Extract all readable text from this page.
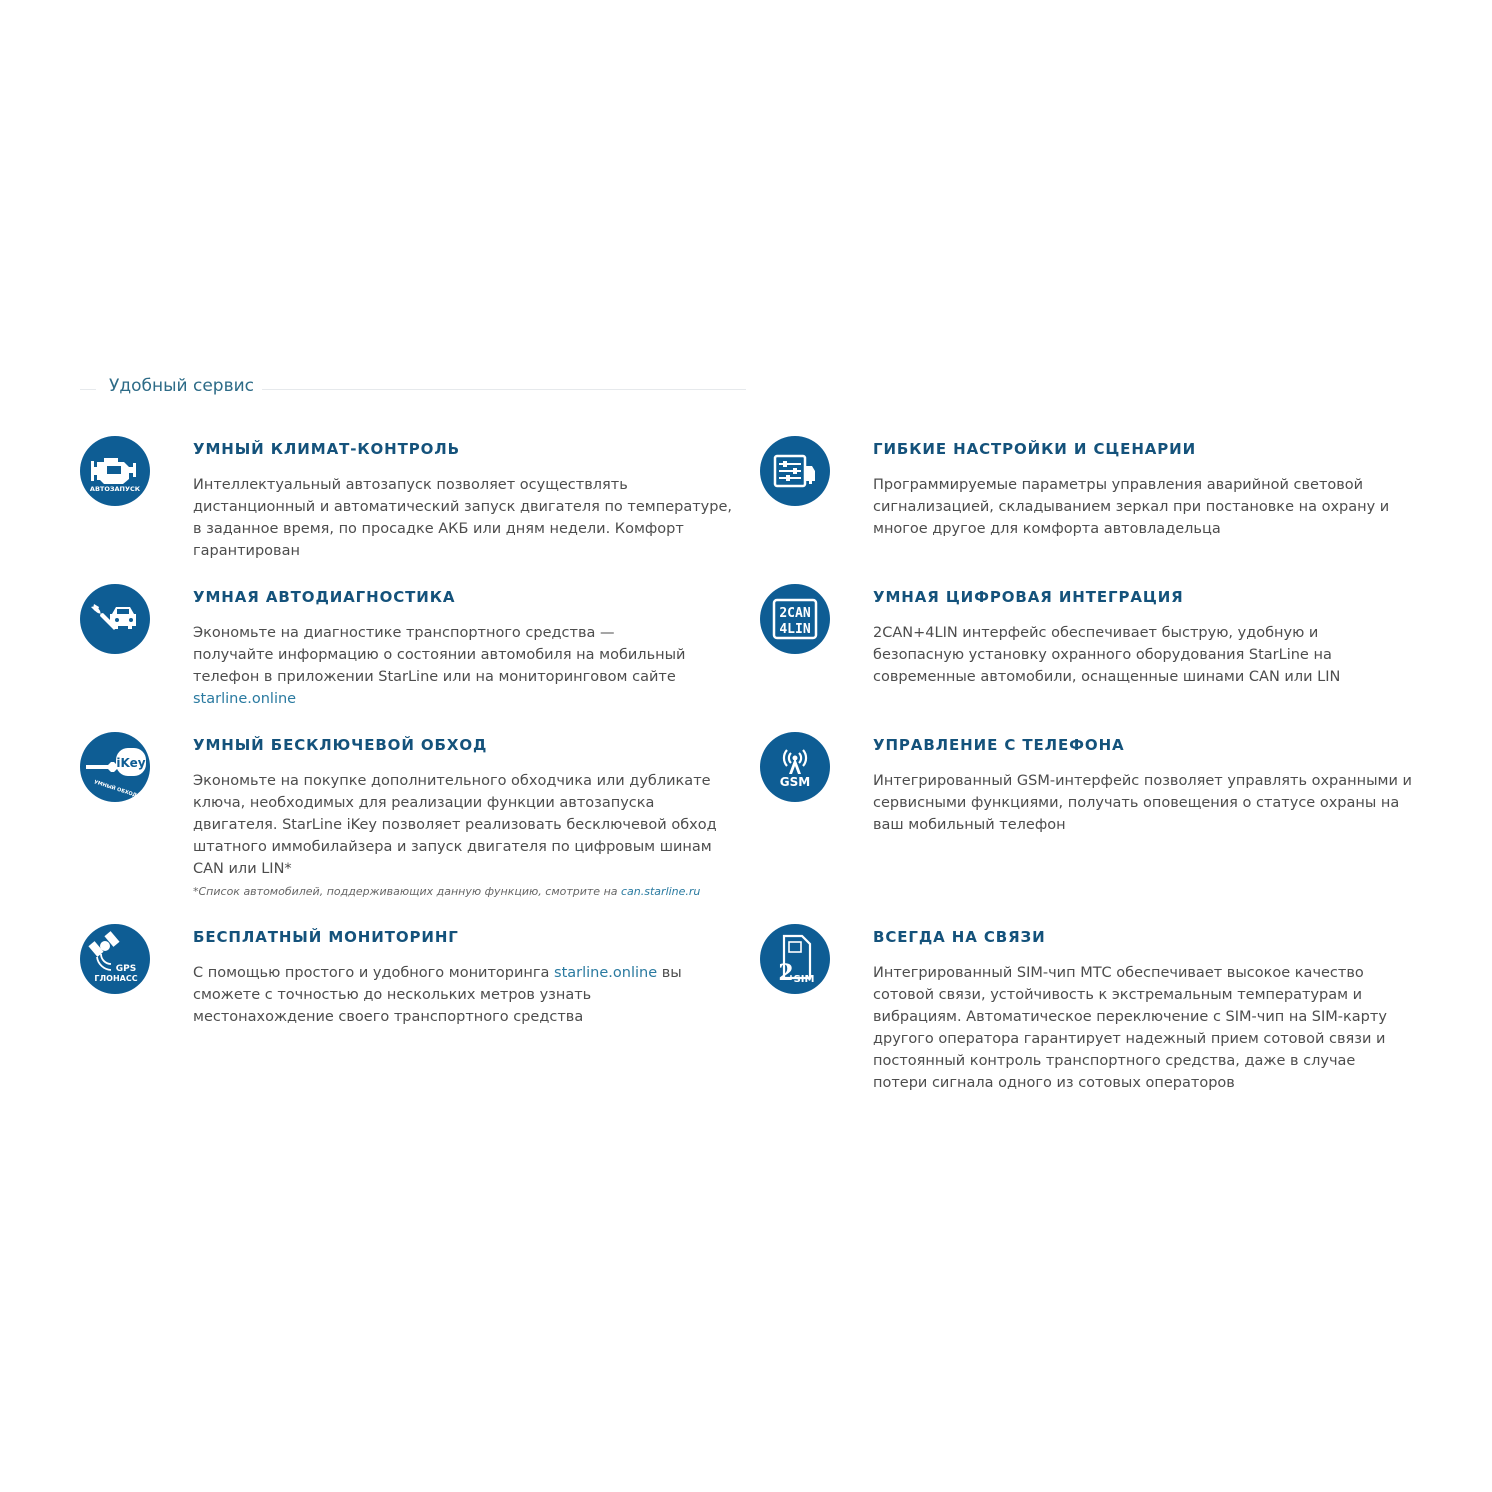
Удобный сервис
АВТОЗАПУСК
УМНЫЙ КЛИМАТ-КОНТРОЛЬ
Интеллектуальный автозапуск позволяет осуществлять дистанционный и автоматический запуск двигателя по температуре, в заданное время, по просадке АКБ или дням недели. Комфорт гарантирован
ГИБКИЕ НАСТРОЙКИ И СЦЕНАРИИ
Программируемые параметры управления аварийной световой сигнализацией, складыванием зеркал при постановке на охрану и многое другое для комфорта автовладельца
УМНАЯ АВТОДИАГНОСТИКА
Экономьте на диагностике транспортного средства — получайте информацию о состоянии автомобиля на мобильный телефон в приложении StarLine или на мониторинговом сайте starline.online
2CAN
4LIN
УМНАЯ ЦИФРОВАЯ ИНТЕГРАЦИЯ
2CAN+4LIN интерфейс обеспечивает быструю, удобную и безопасную установку охранного оборудования StarLine на современные автомобили, оснащенные шинами CAN или LIN
iKey
УМНЫЙ ОБХОД
УМНЫЙ БЕСКЛЮЧЕВОЙ ОБХОД
Экономьте на покупке дополнительного обходчика или дубликате ключа, необходимых для реализации функции автозапуска двигателя. StarLine iKey позволяет реализовать бесключевой обход штатного иммобилайзера и запуск двигателя по цифровым шинам CAN или LIN*
*Список автомобилей, поддерживающих данную функцию, смотрите на can.starline.ru
GSM
УПРАВЛЕНИЕ С ТЕЛЕФОНА
Интегрированный GSM-интерфейс позволяет управлять охранными и сервисными функциями, получать оповещения о статусе охраны на ваш мобильный телефон
GPS
ГЛОНАСС
БЕСПЛАТНЫЙ МОНИТОРИНГ
С помощью простого и удобного мониторинга starline.online вы сможете с точностью до нескольких метров узнать местонахождение своего транспортного средства
2 SIM
ВСЕГДА НА СВЯЗИ
Интегрированный SIM-чип МТС обеспечивает высокое качество сотовой связи, устойчивость к экстремальным температурам и вибрациям. Автоматическое переключение с SIM-чип на SIM-карту другого оператора гарантирует надежный прием сотовой связи и постоянный контроль транспортного средства, даже в случае потери сигнала одного из сотовых операторов
